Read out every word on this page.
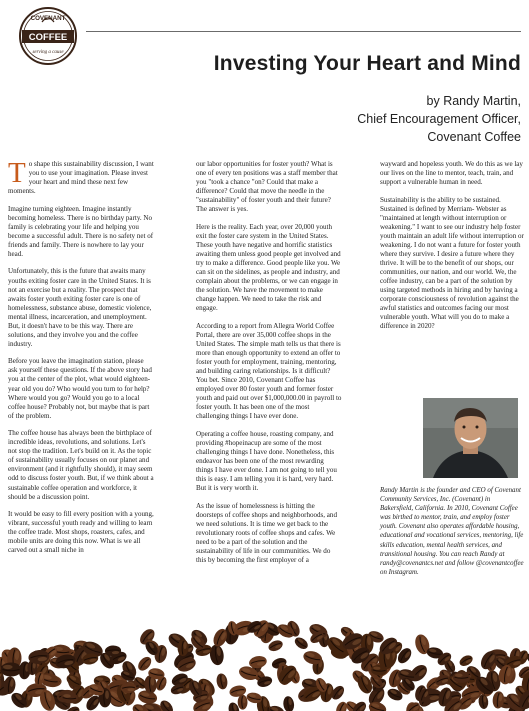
COVENANT
COFFEE
serving a cause	Investing Your Heart and Mind
by Randy Martin,
Chief Encouragement Officer,
Covenant Coffee

To shape this sustainability discussion, I want you to use your imagination. Please invest your heart and mind these next few moments.

Imagine turning eighteen. Imagine instantly becoming homeless. There is no birthday party. No family is celebrating your life and helping you become a successful adult. There is no safety net of friends and family. There is nowhere to lay your head.

Unfortunately, this is the future that awaits many youths exiting foster care in the United States. It is not an exercise but a reality. The prospect that awaits foster youth exiting foster care is one of homelessness, substance abuse, domestic violence, mental illness, incarceration, and unemployment. But, it doesn't have to be this way. There are solutions, and they involve you and the coffee industry.

Before you leave the imagination station, please ask yourself these questions. If the above story had you at the center of the plot, what would eighteen-year old you do? Who would you turn to for help? Where would you go? Would you go to a local coffee house? Probably not, but maybe that is part of the problem.

The coffee house has always been the birthplace of incredible ideas, revolutions, and solutions. Let's not stop the tradition. Let's build on it. As the topic of sustainability usually focuses on our planet and environment (and it rightfully should), it may seem odd to discuss foster youth. But, if we think about a sustainable coffee operation and workforce, it should be a discussion point.

It would be easy to fill every position with a young, vibrant, successful youth ready and willing to learn the coffee trade. Most shops, roasters, cafes, and mobile units are doing this now. What is we all carved out a small niche in

our labor opportunities for foster youth? What is one of every ten positions was a staff member that you "took a chance "on? Could that make a difference? Could that move the needle in the "sustainability" of foster youth and their future? The answer is yes.

Here is the reality. Each year, over 20,000 youth exit the foster care system in the United States. These youth have negative and horrific statistics awaiting them unless good people get involved and try to make a difference. Good people like you. We can sit on the sidelines, as people and industry, and complain about the problems, or we can engage in the solution. We have the movement to make change happen. We need to take the risk and engage.

According to a report from Allegra World Coffee Portal, there are over 35,000 coffee shops in the United States. The simple math tells us that there is more than enough opportunity to extend an offer to foster youth for employment, training, mentoring, and building caring relationships. Is it difficult? You bet. Since 2010, Covenant Coffee has employed over 80 foster youth and former foster youth and paid out over $1,000,000.00 in payroll to foster youth. It has been one of the most challenging things I have ever done.

Operating a coffee house, roasting company, and providing #hopeinacup are some of the most challenging things I have done. Nonetheless, this endeavor has been one of the most rewarding things I have ever done. I am not going to tell you this is easy. I am telling you it is hard, very hard. But it is very worth it.

As the issue of homelessness is hitting the doorsteps of coffee shops and neighborhoods, and we need solutions. It is time we get back to the revolutionary roots of coffee shops and cafes. We need to be a part of the solution and the sustainability of life in our communities. We do this by becoming the first employer of a

wayward and hopeless youth. We do this as we lay our lives on the line to mentor, teach, train, and support a vulnerable human in need.

Sustainability is the ability to be sustained. Sustained is defined by Merriam- Webster as "maintained at length without interruption or weakening." I want to see our industry help foster youth maintain an adult life without interruption or weakening. I do not want a future for foster youth where they survive. I desire a future where they thrive. It will be to the benefit of our shops, our communities, our nation, and our world. We, the coffee industry, can be a part of the solution by using targeted methods in hiring and by having a corporate consciousness of revolution against the awful statistics and outcomes facing our most vulnerable youth. What will you do to make a difference in 2020?

Randy Martin is the founder and CEO of Covenant Community Services, Inc. (Covenant) in Bakersfield, California. In 2010, Covenant Coffee was birthed to mentor, train, and employ foster youth. Covenant also operates affordable housing, educational and vocational services, mentoring, life skills education, mental health services, and transitional housing. You can reach Randy at randy@covenantcs.net and follow @covenantcoffee on Instagram.
